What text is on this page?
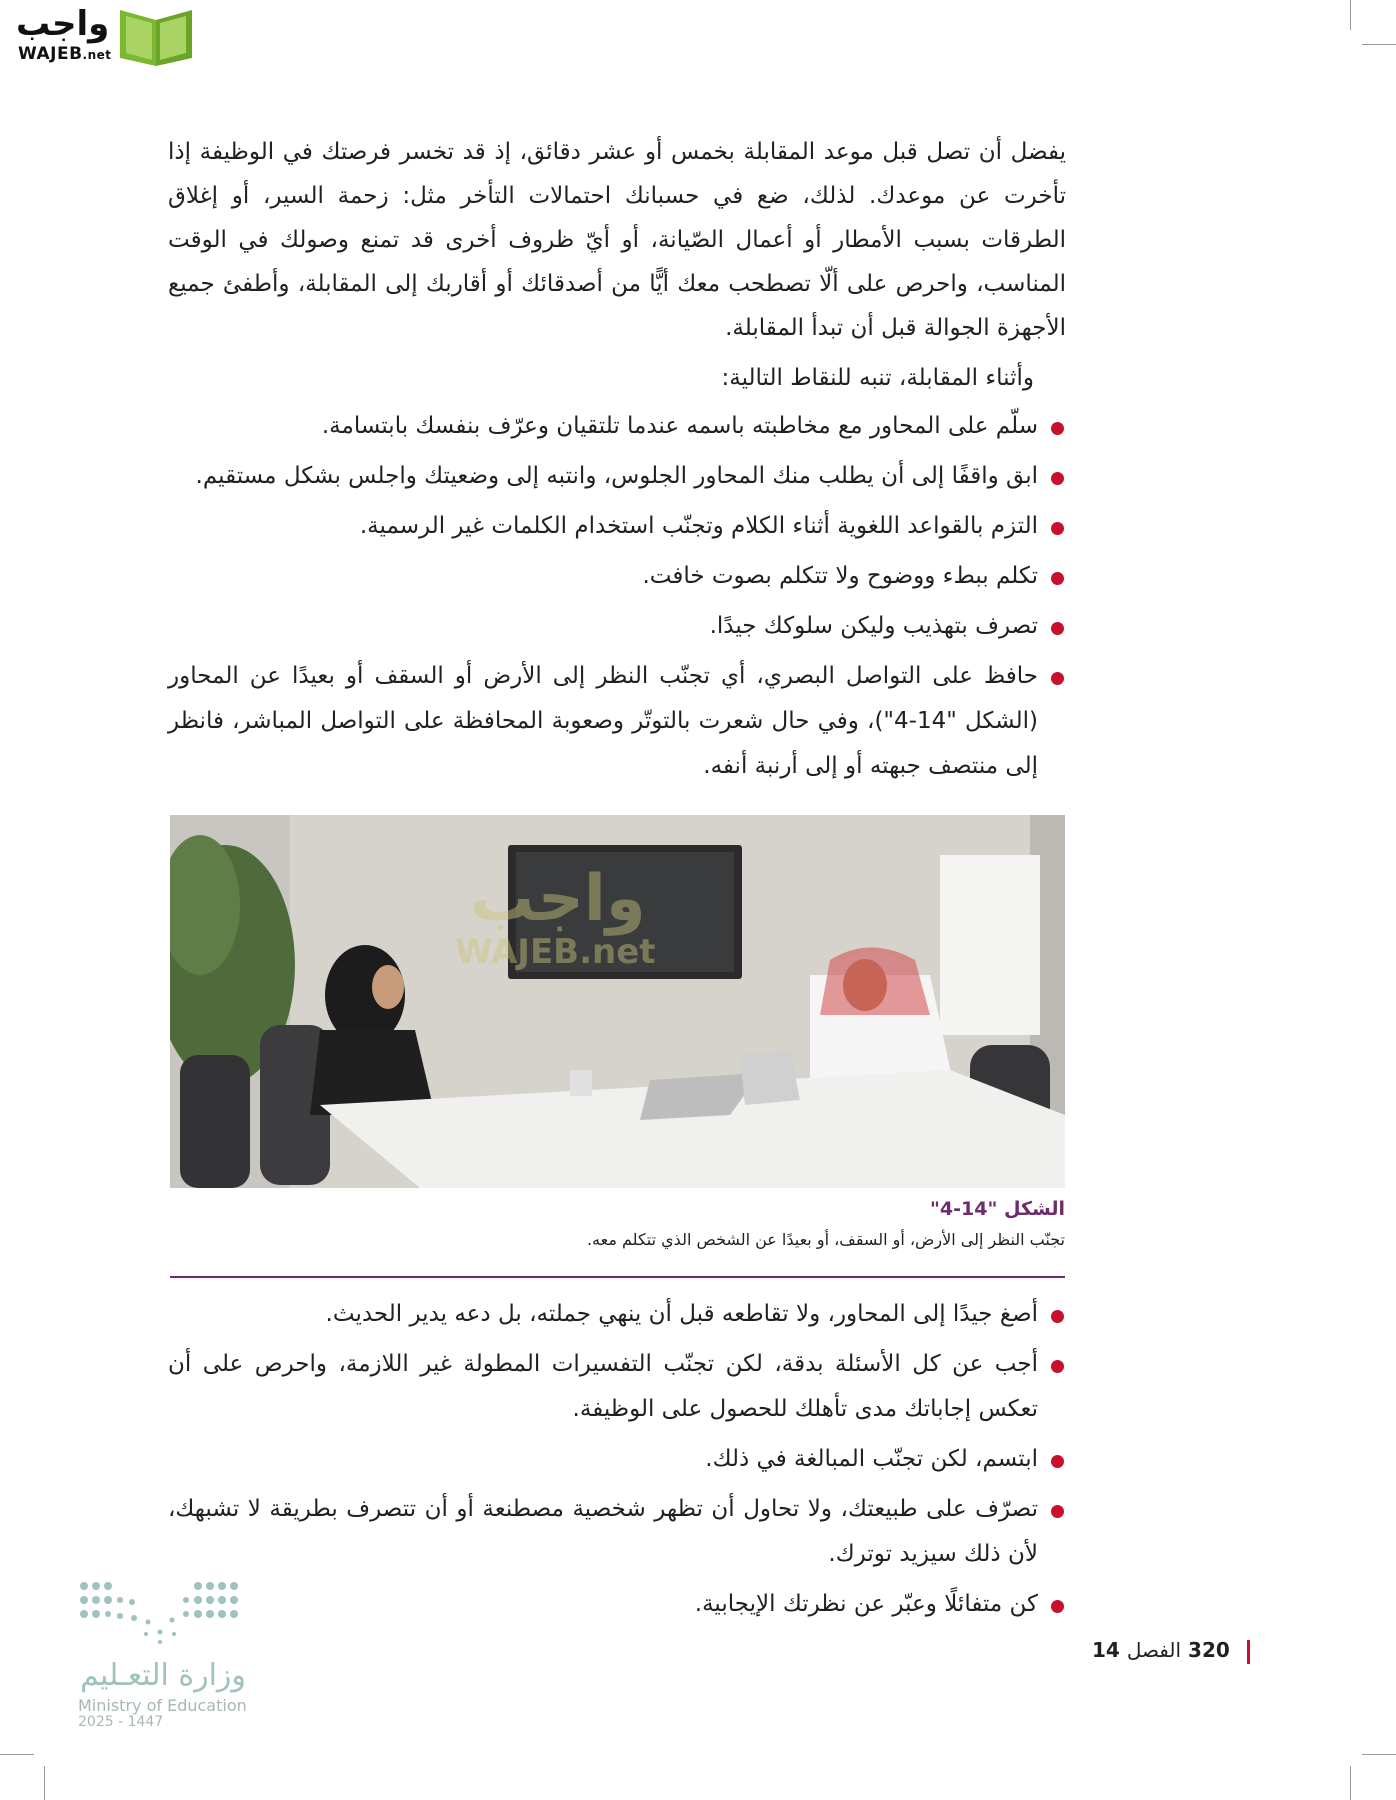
واجب
WAJEB.net

يفضل أن تصل قبل موعد المقابلة بخمس أو عشر دقائق، إذ قد تخسر فرصتك في الوظيفة إذا تأخرت عن موعدك. لذلك، ضع في حسبانك احتمالات التأخر مثل: زحمة السير، أو إغلاق الطرقات بسبب الأمطار أو أعمال الصّيانة، أو أيّ ظروف أخرى قد تمنع وصولك في الوقت المناسب، واحرص على ألّا تصطحب معك أيًّا من أصدقائك أو أقاربك إلى المقابلة، وأطفئ جميع الأجهزة الجوالة قبل أن تبدأ المقابلة.

وأثناء المقابلة، تنبه للنقاط التالية:

سلّم على المحاور مع مخاطبته باسمه عندما تلتقيان وعرّف بنفسك بابتسامة.
ابق واقفًا إلى أن يطلب منك المحاور الجلوس، وانتبه إلى وضعيتك واجلس بشكل مستقيم.
التزم بالقواعد اللغوية أثناء الكلام وتجنّب استخدام الكلمات غير الرسمية.
تكلم ببطء ووضوح ولا تتكلم بصوت خافت.
تصرف بتهذيب وليكن سلوكك جيدًا.
حافظ على التواصل البصري، أي تجنّب النظر إلى الأرض أو السقف أو بعيدًا عن المحاور (الشكل "14-4")، وفي حال شعرت بالتوتّر وصعوبة المحافظة على التواصل المباشر، فانظر إلى منتصف جبهته أو إلى أرنبة أنفه.
واجب
WAJEB.net
الشكل "14-4"
تجنّب النظر إلى الأرض، أو السقف، أو بعيدًا عن الشخص الذي تتكلم معه.
أصغ جيدًا إلى المحاور، ولا تقاطعه قبل أن ينهي جملته، بل دعه يدير الحديث.
أجب عن كل الأسئلة بدقة، لكن تجنّب التفسيرات المطولة غير اللازمة، واحرص على أن تعكس إجاباتك مدى تأهلك للحصول على الوظيفة.
ابتسم، لكن تجنّب المبالغة في ذلك.
تصرّف على طبيعتك، ولا تحاول أن تظهر شخصية مصطنعة أو أن تتصرف بطريقة لا تشبهك، لأن ذلك سيزيد توترك.
كن متفائلًا وعبّر عن نظرتك الإيجابية.
وزارة التعـليم
Ministry of Education
2025 - 1447
320 الفصل 14
